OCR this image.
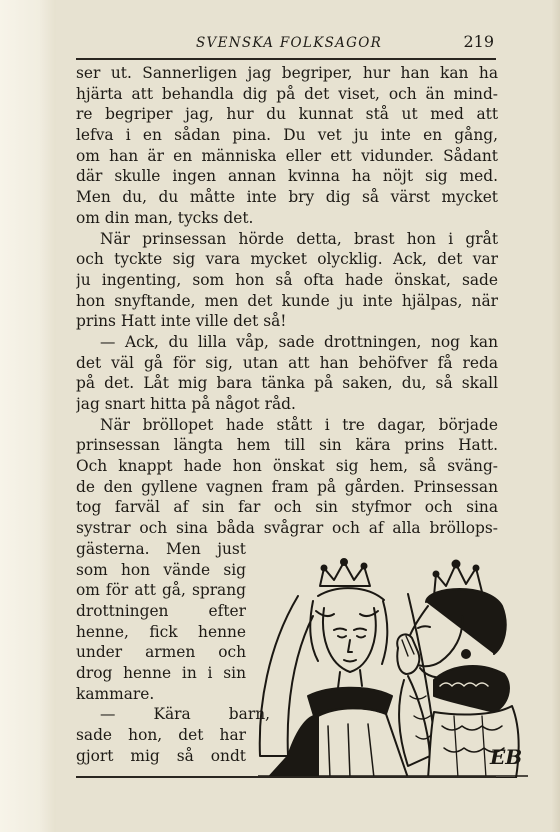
SVENSKA FOLKSAGOR	219
ser ut. Sannerligen jag begriper, hur han kan ha
hjärta att behandla dig på det viset, och än mind-
re begriper jag, hur du kunnat stå ut med att
lefva i en sådan pina. Du vet ju inte en gång,
om han är en människa eller ett vidunder. Sådant
där skulle ingen annan kvinna ha nöjt sig med.
Men du, du måtte inte bry dig så värst mycket
om din man, tycks det.
När prinsessan hörde detta, brast hon i gråt
och tyckte sig vara mycket olycklig. Ack, det var
ju ingenting, som hon så ofta hade önskat, sade
hon snyftande, men det kunde ju inte hjälpas, när
prins Hatt inte ville det så!
— Ack, du lilla våp, sade drottningen, nog kan
det väl gå för sig, utan att han behöfver få reda
på det. Låt mig bara tänka på saken, du, så skall
jag snart hitta på något råd.
När bröllopet hade stått i tre dagar, började
prinsessan längta hem till sin kära prins Hatt.
Och knappt hade hon önskat sig hem, så sväng-
de den gyllene vagnen fram på gården. Prinsessan
tog farväl af sin far och sin styfmor och sina
systrar och sina båda svågrar och af alla bröllops-
gästerna. Men just
som hon vände sig
om för att gå, sprang
drottningen efter
henne, fick henne
under armen och
drog henne in i sin
kammare.
— Kära barn,
sade hon, det har
gjort mig så ondt	EB
